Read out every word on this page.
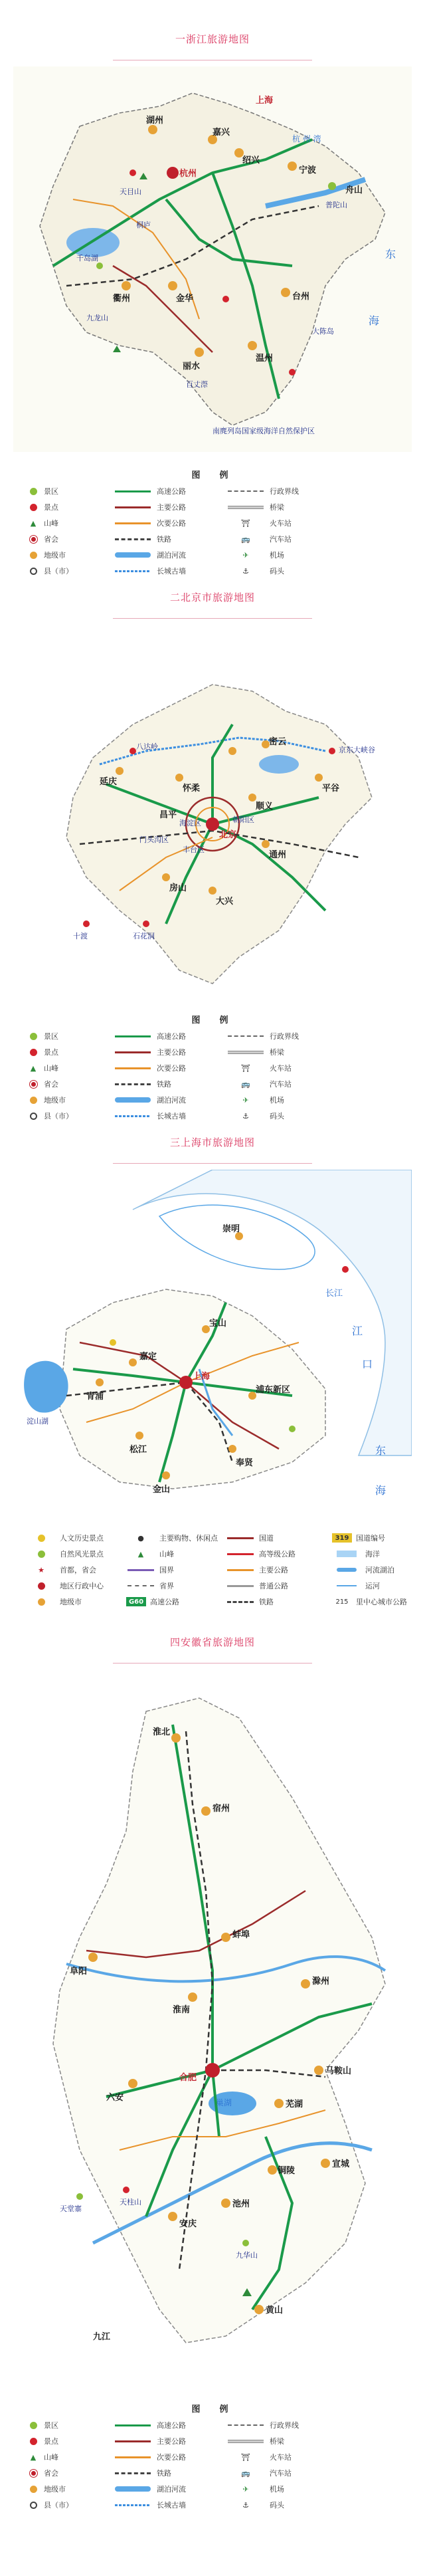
一浙江旅游地图
湖州
嘉兴
上海
杭州
绍兴
宁波
衢州	金华
丽水
温州
台州
舟山
千岛湖	东
海
杭 州 湾
九龙山
天目山
桐庐
普陀山
大陈岛
百丈漈
南麂列岛国家级海洋自然保护区
图　例
景区	高速公路	行政界线
景点	主要公路	桥梁
▲	山峰	次要公路	⛩	火车站
省会	铁路	🚌	汽车站
地级市	湖泊河流	✈	机场
县（市）	长城古墙	⚓	码头
二北京市旅游地图
延庆
怀柔
密云
平谷
昌平
顺义
门头沟区
海淀区	朝阳区
丰台区
北京
房山
大兴
通州
八达岭
十渡	石花洞
京东大峡谷
图　例
景区	高速公路	行政界线
景点	主要公路	桥梁
▲	山峰	次要公路	⛩	火车站
省会	铁路	🚌	汽车站
地级市	湖泊河流	✈	机场
县（市）	长城古墙	⚓	码头
三上海市旅游地图
崇明
长江
宝山
嘉定
青浦
松江
上海
浦东新区
金山
奉贤
淀山湖
东
海
江
口
人文历史景点	●	主要购物、休闲点	国道	319 国道编号
自然风光景点	▲	山峰	高等级公路	海洋
★	首都，省会	国界	主要公路	河流湖泊
地区行政中心	省界	普通公路	运河
地级市	G60 高速公路	铁路	215	里中心城市公路
四安徽省旅游地图
淮北
宿州
阜阳
蚌埠
淮南
滁州
合肥
六安
马鞍山
芜湖
宣城
安庆
池州
铜陵
黄山
巢湖
天堂寨
九华山
天柱山
九江
图　例
景区	高速公路	行政界线
景点	主要公路	桥梁
▲	山峰	次要公路	⛩	火车站
省会	铁路	🚌	汽车站
地级市	湖泊河流	✈	机场
县（市）	长城古墙	⚓	码头
